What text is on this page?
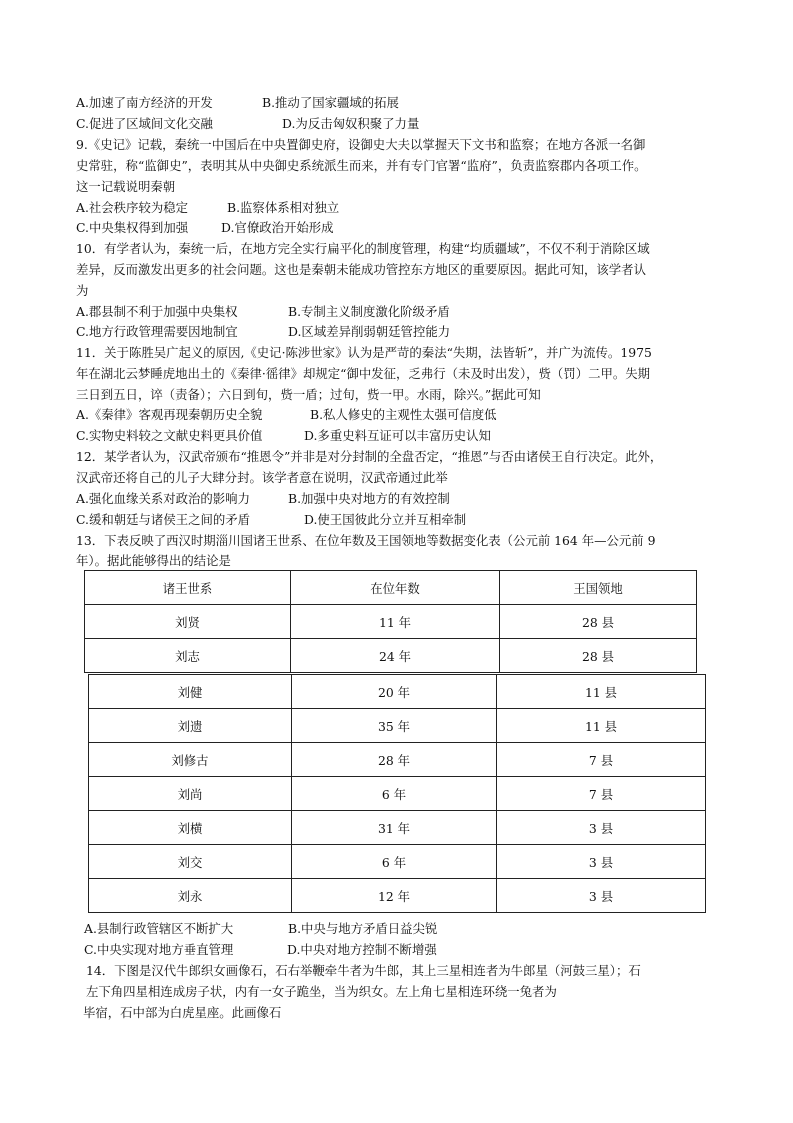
A.加速了南方经济的开发	B.推动了国家疆域的拓展
C.促进了区域间文化交融	D.为反击匈奴积聚了力量
9.《史记》记载，秦统一中国后在中央置御史府，设御史大夫以掌握天下文书和监察；在地方各派一名御
史常驻，称“监御史”，表明其从中央御史系统派生而来，并有专门官署“监府”，负责监察郡内各项工作。
这一记载说明秦朝
A.社会秩序较为稳定	B.监察体系相对独立
C.中央集权得到加强	D.官僚政治开始形成
10．有学者认为，秦统一后，在地方完全实行扁平化的制度管理，构建“均质疆域”，不仅不利于消除区域
差异，反而激发出更多的社会问题。这也是秦朝未能成功管控东方地区的重要原因。据此可知，该学者认
为
A.郡县制不利于加强中央集权	B.专制主义制度激化阶级矛盾
C.地方行政管理需要因地制宜	D.区域差异削弱朝廷管控能力
11．关于陈胜吴广起义的原因,《史记·陈涉世家》认为是严苛的秦法“失期，法皆斩”，并广为流传。1975
年在湖北云梦睡虎地出土的《秦律·徭律》却规定“御中发征，乏弗行（未及时出发），赀（罚）二甲。失期
三日到五日，谇（责备）；六日到旬，赀一盾；过旬，赀一甲。水雨，除兴。”据此可知
A.《秦律》客观再现秦朝历史全貌	B.私人修史的主观性太强可信度低
C.实物史料较之文献史料更具价值	D.多重史料互证可以丰富历史认知
12．某学者认为，汉武帝颁布“推恩令”并非是对分封制的全盘否定，“推恩”与否由诸侯王自行决定。此外，
汉武帝还将自己的儿子大肆分封。该学者意在说明，汉武帝通过此举
A.强化血缘关系对政治的影响力	B.加强中央对地方的有效控制
C.缓和朝廷与诸侯王之间的矛盾	D.使王国彼此分立并互相牵制
13．下表反映了西汉时期淄川国诸王世系、在位年数及王国领地等数据变化表（公元前 164 年—公元前 9
年）。据此能够得出的结论是
诸王世系	在位年数	王国领地
刘贤	11 年	28 县
刘志	24 年	28 县
刘健	20 年	11 县
刘遗	35 年	11 县
刘修古	28 年	7 县
刘尚	6 年	7 县
刘横	31 年	3 县
刘交	6 年	3 县
刘永	12 年	3 县
A.县制行政管辖区不断扩大	B.中央与地方矛盾日益尖锐
C.中央实现对地方垂直管理	D.中央对地方控制不断增强
14．下图是汉代牛郎织女画像石，石右举鞭牵牛者为牛郎，其上三星相连者为牛郎星（河鼓三星）；石
左下角四星相连成房子状，内有一女子跪坐，当为织女。左上角七星相连环绕一兔者为
毕宿，石中部为白虎星座。此画像石
